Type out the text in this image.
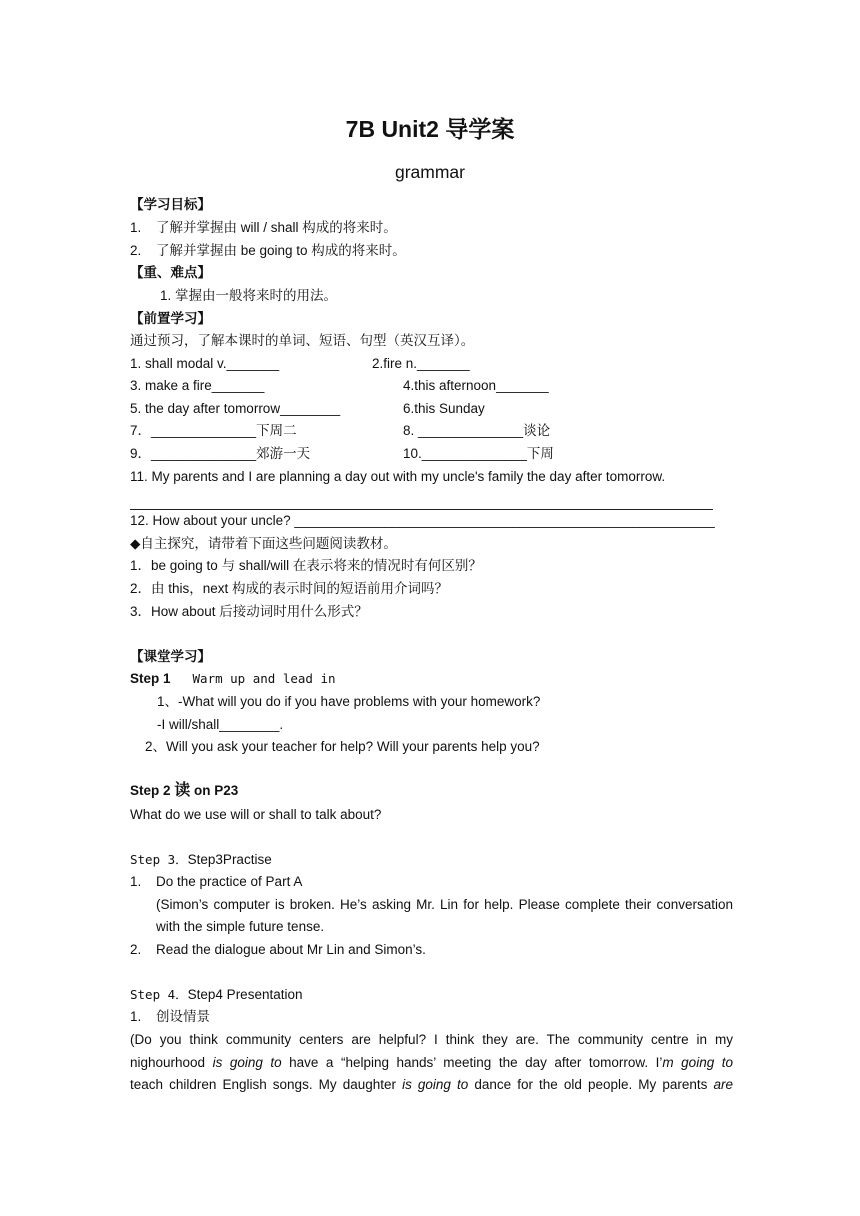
7B Unit2 导学案
grammar
【学习目标】
1. 了解并掌握由 will / shall 构成的将来时。
2. 了解并掌握由 be going to 构成的将来时。
【重、难点】
1. 掌握由一般将来时的用法。
【前置学习】
通过预习，了解本课时的单词、短语、句型（英汉互译）。
1. shall modal v._______	2.fire n._______
3. make a fire_______	4.this afternoon_______
5. the day after tomorrow________	6.this Sunday
7．______________下周二	8. ______________谈论
9．______________郊游一天	10.______________下周
11. My parents and I are planning a day out with my uncle's family the day after tomorrow.
12. How about your uncle? ________________________________________________________
◆自主探究，请带着下面这些问题阅读教材。
1．be going to 与 shall/will 在表示将来的情况时有何区别？
2．由 this，next 构成的表示时间的短语前用介词吗？
3．How about 后接动词时用什么形式？
【课堂学习】
Step 1 Warm up and lead in
1、-What will you do if you have problems with your homework?
-I will/shall________.
2、Will you ask your teacher for help? Will your parents help you?
Step 2 读 on P23
What do we use will or shall to talk about?
Step 3．Step3Practise
1. Do the practice of Part A
(Simon’s computer is broken. He’s asking Mr. Lin for help. Please complete their conversation
with the simple future tense.
2. Read the dialogue about Mr Lin and Simon’s.
Step 4．Step4 Presentation
1. 创设情景
(Do you think community centers are helpful? I think they are. The community centre in my
nighourhood is going to have a “helping hands’ meeting the day after tomorrow. I’m going to
teach children English songs. My daughter is going to dance for the old people. My parents are
